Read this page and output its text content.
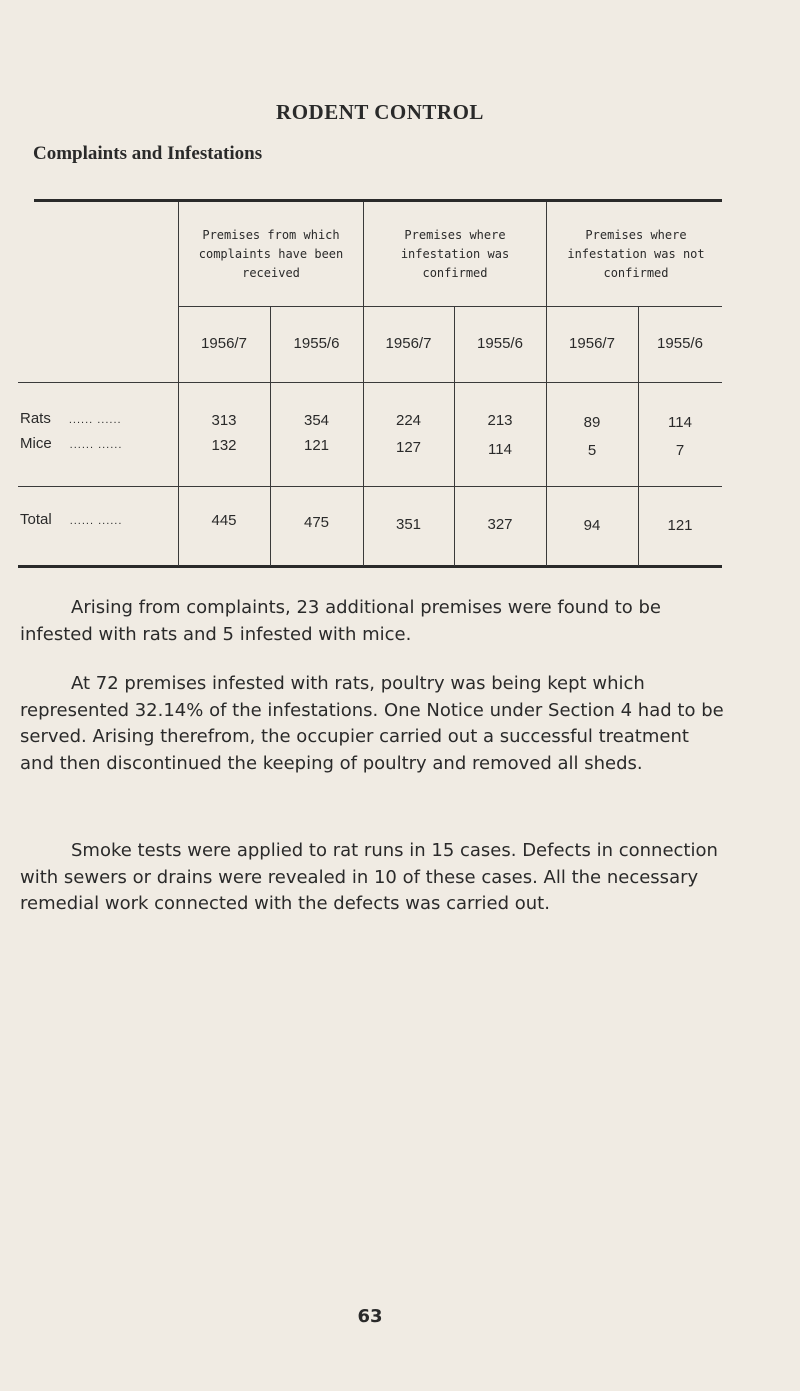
RODENT CONTROL
Complaints and Infestations
Premises from which complaints have been received
Premises where infestation was confirmed
Premises where infestation was not confirmed
1956/7	1955/6	1956/7	1955/6	1956/7	1955/6
Rats ...... ......	313	354	224	213	89	114
Mice ...... ......	132	121	127	114	5	7
Total ...... ......	445	475	351	327	94	121

Arising from complaints, 23 additional premises were found to be infested with rats and 5 infested with mice.

At 72 premises infested with rats, poultry was being kept which represented 32.14% of the infestations. One Notice under Section 4 had to be served. Arising therefrom, the occupier carried out a successful treatment and then discontinued the keeping of poultry and removed all sheds.

Smoke tests were applied to rat runs in 15 cases. Defects in connection with sewers or drains were revealed in 10 of these cases. All the necessary remedial work connected with the defects was carried out.

63
